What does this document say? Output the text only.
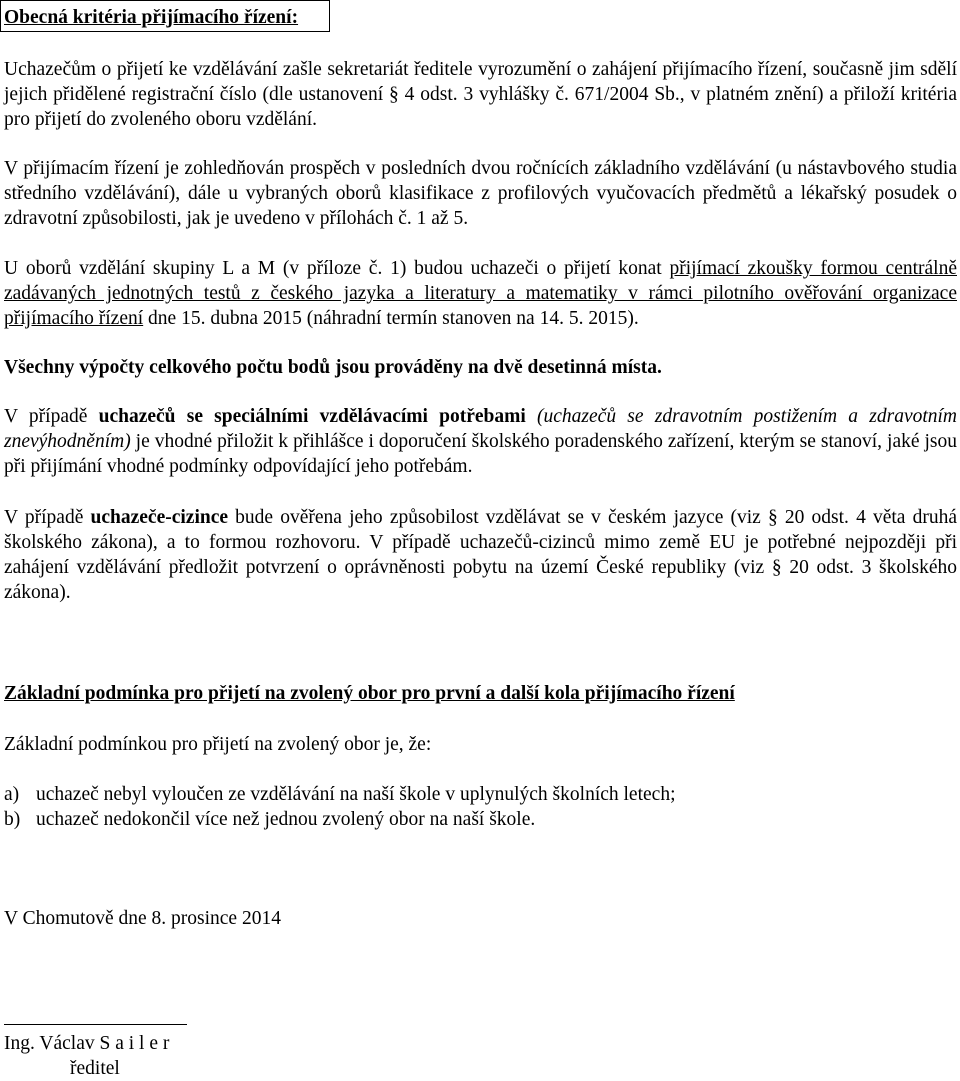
Obecná kritéria přijímacího řízení:

Uchazečům o přijetí ke vzdělávání zašle sekretariát ředitele vyrozumění o zahájení přijímacího řízení, současně jim sdělí jejich přidělené registrační číslo (dle ustanovení § 4 odst. 3 vyhlášky č. 671/2004 Sb., v platném znění) a přiloží kritéria pro přijetí do zvoleného oboru vzdělání.

V přijímacím řízení je zohledňován prospěch v posledních dvou ročnících základního vzdělávání (u nástavbového studia středního vzdělávání), dále u vybraných oborů klasifikace z profilových vyučovacích předmětů a lékařský posudek o zdravotní způsobilosti, jak je uvedeno v přílohách č. 1 až 5.

U oborů vzdělání skupiny L a M (v příloze č. 1) budou uchazeči o přijetí konat přijímací zkoušky formou centrálně zadávaných jednotných testů z českého jazyka a literatury a matematiky v rámci pilotního ověřování organizace přijímacího řízení dne 15. dubna 2015 (náhradní termín stanoven na 14. 5. 2015).

Všechny výpočty celkového počtu bodů jsou prováděny na dvě desetinná místa.

V případě uchazečů se speciálními vzdělávacími potřebami (uchazečů se zdravotním postižením a zdravotním znevýhodněním) je vhodné přiložit k přihlášce i doporučení školského poradenského zařízení, kterým se stanoví, jaké jsou při přijímání vhodné podmínky odpovídající jeho potřebám.

V případě uchazeče-cizince bude ověřena jeho způsobilost vzdělávat se v českém jazyce (viz § 20 odst. 4 věta druhá školského zákona), a to formou rozhovoru. V případě uchazečů-cizinců mimo země EU je potřebné nejpozději při zahájení vzdělávání předložit potvrzení o oprávněnosti pobytu na území České republiky (viz § 20 odst. 3 školského zákona).

Základní podmínka pro přijetí na zvolený obor pro první a další kola přijímacího řízení

Základní podmínkou pro přijetí na zvolený obor je, že:

a) uchazeč nebyl vyloučen ze vzdělávání na naší škole v uplynulých školních letech;
b) uchazeč nedokončil více než jednou zvolený obor na naší škole.

V Chomutově dne 8. prosince 2014

Ing. Václav S a i l e r

ředitel
